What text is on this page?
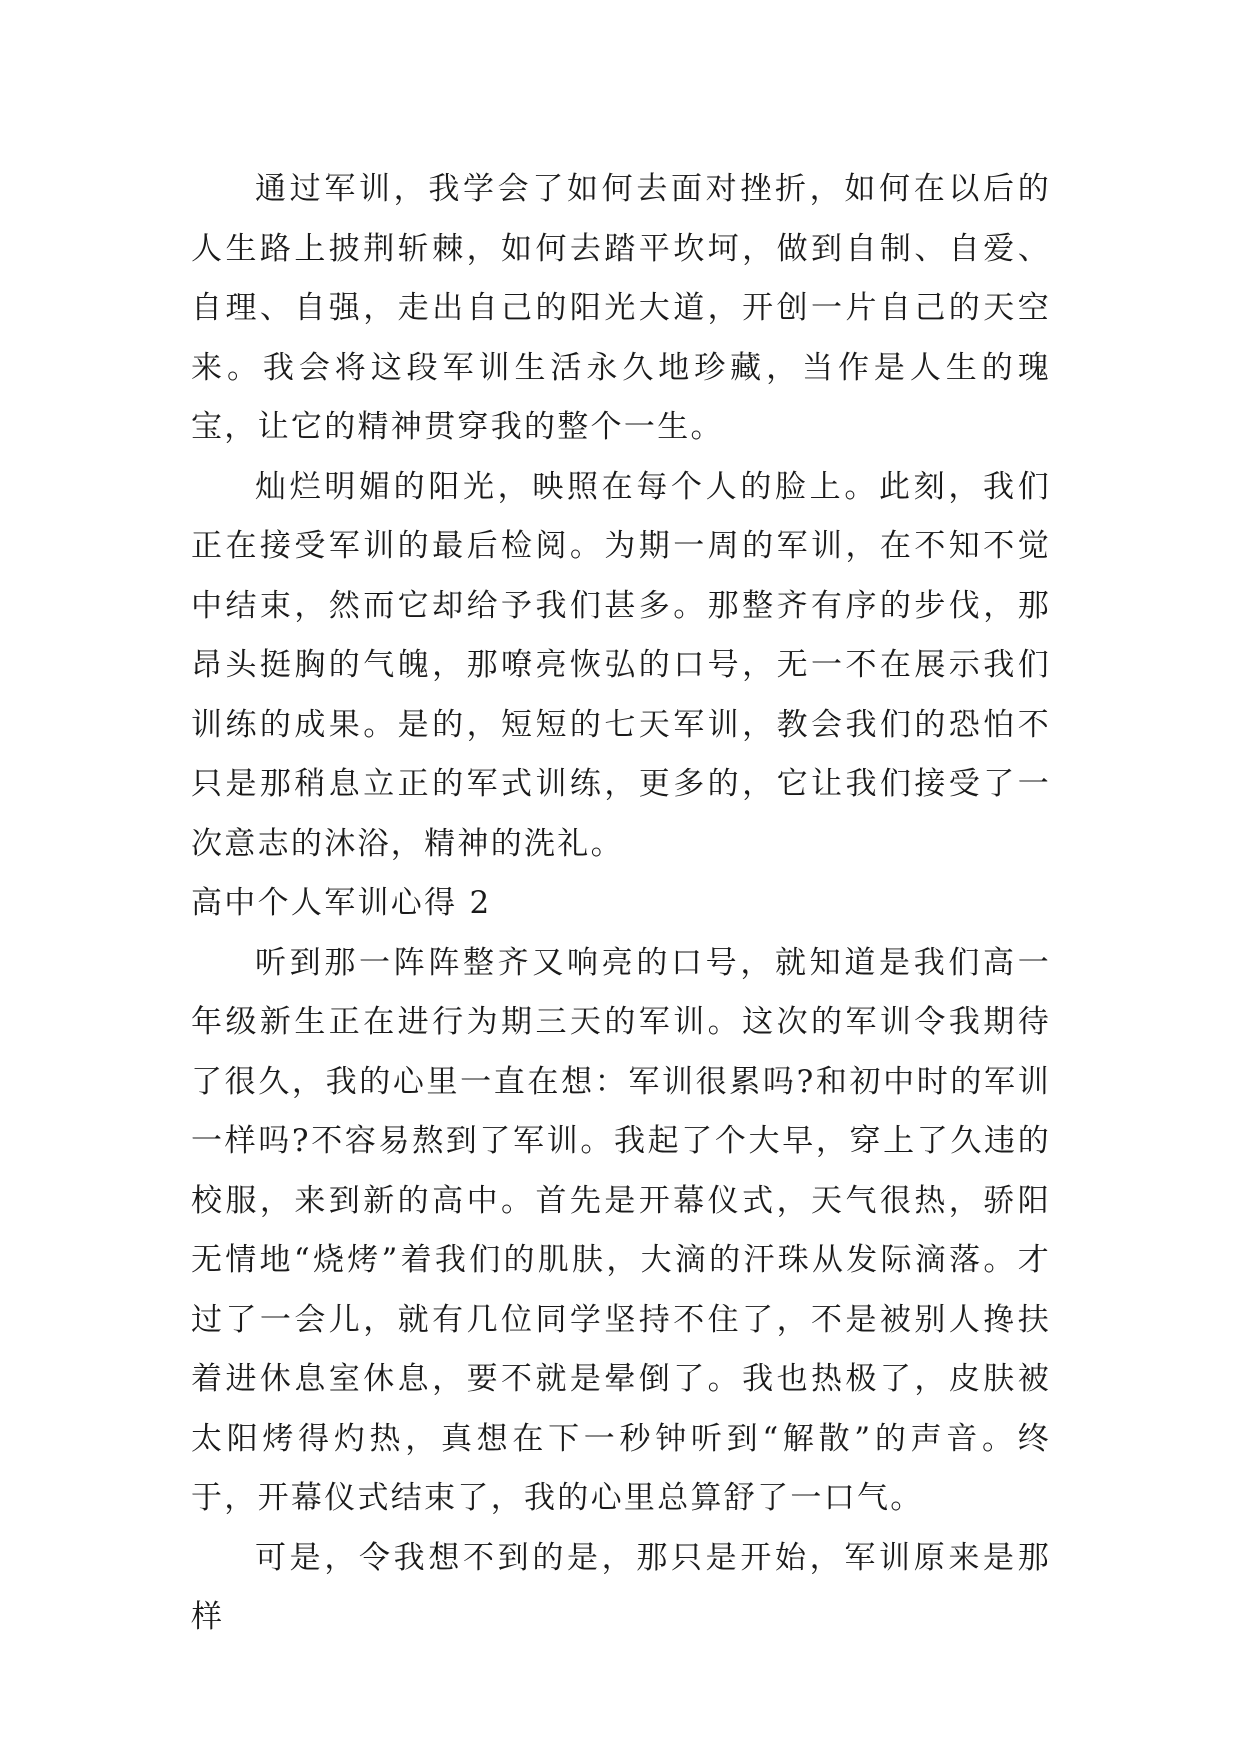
通过军训，我学会了如何去面对挫折，如何在以后的人生路上披荆斩棘，如何去踏平坎坷，做到自制、自爱、自理、自强，走出自己的阳光大道，开创一片自己的天空来。我会将这段军训生活永久地珍藏，当作是人生的瑰宝，让它的精神贯穿我的整个一生。

灿烂明媚的阳光，映照在每个人的脸上。此刻，我们正在接受军训的最后检阅。为期一周的军训，在不知不觉中结束，然而它却给予我们甚多。那整齐有序的步伐，那昂头挺胸的气魄，那嘹亮恢弘的口号，无一不在展示我们训练的成果。是的，短短的七天军训，教会我们的恐怕不只是那稍息立正的军式训练，更多的，它让我们接受了一次意志的沐浴，精神的洗礼。

高中个人军训心得 2

听到那一阵阵整齐又响亮的口号，就知道是我们高一年级新生正在进行为期三天的军训。这次的军训令我期待了很久，我的心里一直在想：军训很累吗?和初中时的军训一样吗?不容易熬到了军训。我起了个大早，穿上了久违的校服，来到新的高中。首先是开幕仪式，天气很热，骄阳无情地“烧烤”着我们的肌肤，大滴的汗珠从发际滴落。才过了一会儿，就有几位同学坚持不住了，不是被别人搀扶着进休息室休息，要不就是晕倒了。我也热极了，皮肤被太阳烤得灼热，真想在下一秒钟听到“解散”的声音。终于，开幕仪式结束了，我的心里总算舒了一口气。

可是，令我想不到的是，那只是开始，军训原来是那样
